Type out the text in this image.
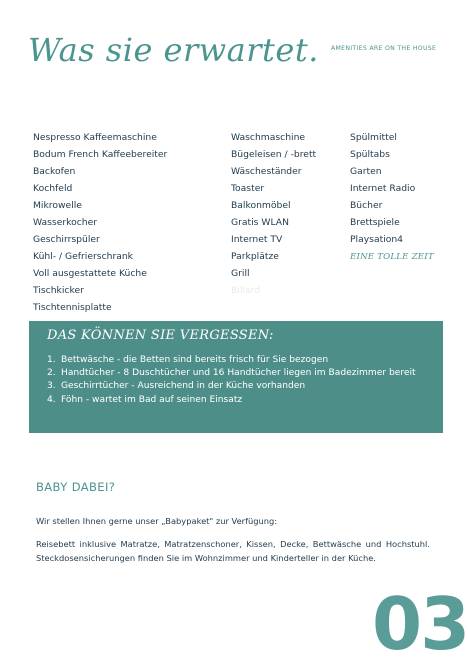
Was sie erwartet. AMENITIES ARE ON THE HOUSE
Nespresso Kaffeemaschine
Bodum French Kaffeebereiter
Backofen
Kochfeld
Mikrowelle
Wasserkocher
Geschirrspüler
Kühl- / Gefrierschrank
Voll ausgestattete Küche
Tischkicker
Tischtennisplatte
Waschmaschine
Bügeleisen / -brett
Wäscheständer
Toaster
Balkonmöbel
Gratis WLAN
Internet TV
Parkplätze
Grill
Billard
Spülmittel
Spültabs
Garten
Internet Radio
Bücher
Brettspiele
Playsation4
EINE TOLLE ZEIT
DAS KÖNNEN SIE VERGESSEN:
1. Bettwäsche - die Betten sind bereits frisch für Sie bezogen
2. Handtücher - 8 Duschtücher und 16 Handtücher liegen im Badezimmer bereit
3. Geschirrtücher - Ausreichend in der Küche vorhanden
4. Föhn - wartet im Bad auf seinen Einsatz
BABY DABEI?
Wir stellen Ihnen gerne unser „Babypaket" zur Verfügung:
Reisebett inklusive Matratze, Matratzenschoner, Kissen, Decke, Bettwäsche und Hochstuhl. Steckdosensicherungen finden Sie im Wohnzimmer und Kinderteller in der Küche.
03
